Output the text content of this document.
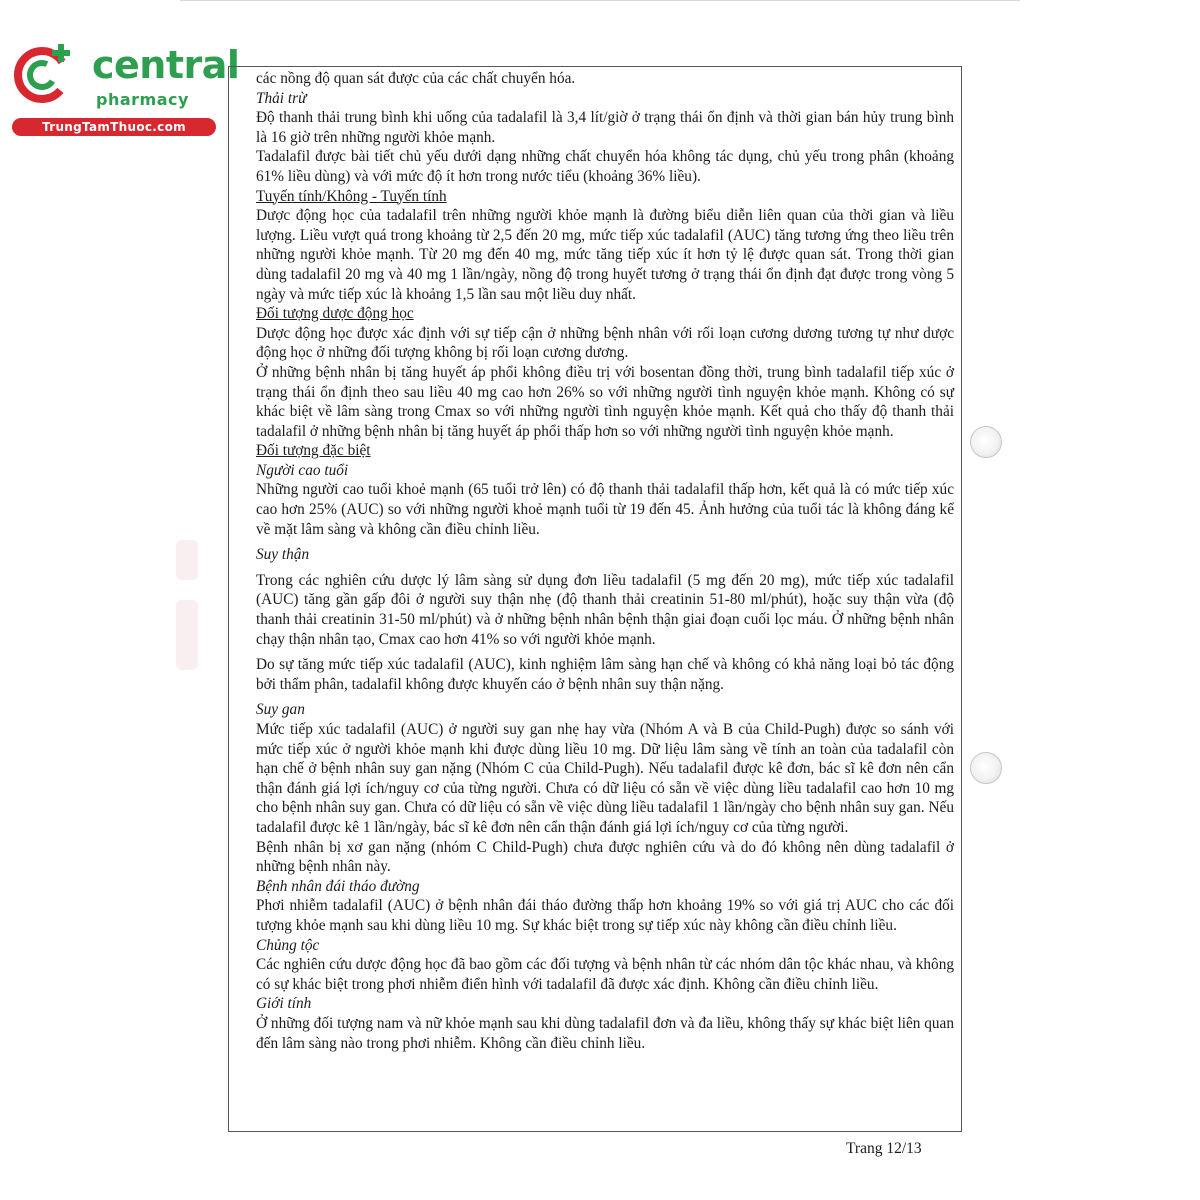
central
pharmacy
TrungTamThuoc.com

các nồng độ quan sát được của các chất chuyển hóa.

Thải trừ

Độ thanh thải trung bình khi uống của tadalafil là 3,4 lít/giờ ở trạng thái ổn định và thời gian bán hủy trung bình là 16 giờ trên những người khỏe mạnh.

Tadalafil được bài tiết chủ yếu dưới dạng những chất chuyển hóa không tác dụng, chủ yếu trong phân (khoảng 61% liều dùng) và với mức độ ít hơn trong nước tiểu (khoảng 36% liều).

Tuyến tính/Không - Tuyến tính

Dược động học của tadalafil trên những người khỏe mạnh là đường biểu diễn liên quan của thời gian và liều lượng. Liều vượt quá trong khoảng từ 2,5 đến 20 mg, mức tiếp xúc tadalafil (AUC) tăng tương ứng theo liều trên những người khỏe mạnh. Từ 20 mg đến 40 mg, mức tăng tiếp xúc ít hơn tỷ lệ được quan sát. Trong thời gian dùng tadalafil 20 mg và 40 mg 1 lần/ngày, nồng độ trong huyết tương ở trạng thái ổn định đạt được trong vòng 5 ngày và mức tiếp xúc là khoảng 1,5 lần sau một liều duy nhất.

Đối tượng dược động học

Dược động học được xác định với sự tiếp cận ở những bệnh nhân với rối loạn cương dương tương tự như dược động học ở những đối tượng không bị rối loạn cương dương.

Ở những bệnh nhân bị tăng huyết áp phổi không điều trị với bosentan đồng thời, trung bình tadalafil tiếp xúc ở trạng thái ổn định theo sau liều 40 mg cao hơn 26% so với những người tình nguyện khỏe mạnh. Không có sự khác biệt về lâm sàng trong Cmax so với những người tình nguyện khỏe mạnh. Kết quả cho thấy độ thanh thải tadalafil ở những bệnh nhân bị tăng huyết áp phổi thấp hơn so với những người tình nguyện khỏe mạnh.

Đối tượng đặc biệt

Người cao tuổi

Những người cao tuổi khoẻ mạnh (65 tuổi trở lên) có độ thanh thải tadalafil thấp hơn, kết quả là có mức tiếp xúc cao hơn 25% (AUC) so với những người khoẻ mạnh tuổi từ 19 đến 45. Ảnh hưởng của tuổi tác là không đáng kể về mặt lâm sàng và không cần điều chỉnh liều.

Suy thận

Trong các nghiên cứu dược lý lâm sàng sử dụng đơn liều tadalafil (5 mg đến 20 mg), mức tiếp xúc tadalafil (AUC) tăng gần gấp đôi ở người suy thận nhẹ (độ thanh thải creatinin 51-80 ml/phút), hoặc suy thận vừa (độ thanh thải creatinin 31-50 ml/phút) và ở những bệnh nhân bệnh thận giai đoạn cuối lọc máu. Ở những bệnh nhân chạy thận nhân tạo, Cmax cao hơn 41% so với người khỏe mạnh.

Do sự tăng mức tiếp xúc tadalafil (AUC), kinh nghiệm lâm sàng hạn chế và không có khả năng loại bỏ tác động bởi thẩm phân, tadalafil không được khuyến cáo ở bệnh nhân suy thận nặng.

Suy gan

Mức tiếp xúc tadalafil (AUC) ở người suy gan nhẹ hay vừa (Nhóm A và B của Child-Pugh) được so sánh với mức tiếp xúc ở người khỏe mạnh khi được dùng liều 10 mg. Dữ liệu lâm sàng về tính an toàn của tadalafil còn hạn chế ở bệnh nhân suy gan nặng (Nhóm C của Child-Pugh). Nếu tadalafil được kê đơn, bác sĩ kê đơn nên cẩn thận đánh giá lợi ích/nguy cơ của từng người. Chưa có dữ liệu có sẵn về việc dùng liều tadalafil cao hơn 10 mg cho bệnh nhân suy gan. Chưa có dữ liệu có sẵn về việc dùng liều tadalafil 1 lần/ngày cho bệnh nhân suy gan. Nếu tadalafil được kê 1 lần/ngày, bác sĩ kê đơn nên cẩn thận đánh giá lợi ích/nguy cơ của từng người.

Bệnh nhân bị xơ gan nặng (nhóm C Child-Pugh) chưa được nghiên cứu và do đó không nên dùng tadalafil ở những bệnh nhân này.

Bệnh nhân đái tháo đường

Phơi nhiễm tadalafil (AUC) ở bệnh nhân đái tháo đường thấp hơn khoảng 19% so với giá trị AUC cho các đối tượng khỏe mạnh sau khi dùng liều 10 mg. Sự khác biệt trong sự tiếp xúc này không cần điều chỉnh liều.

Chủng tộc

Các nghiên cứu dược động học đã bao gồm các đối tượng và bệnh nhân từ các nhóm dân tộc khác nhau, và không có sự khác biệt trong phơi nhiễm điển hình với tadalafil đã được xác định. Không cần điều chỉnh liều.

Giới tính

Ở những đối tượng nam và nữ khỏe mạnh sau khi dùng tadalafil đơn và đa liều, không thấy sự khác biệt liên quan đến lâm sàng nào trong phơi nhiễm. Không cần điều chỉnh liều.

Trang 12/13
